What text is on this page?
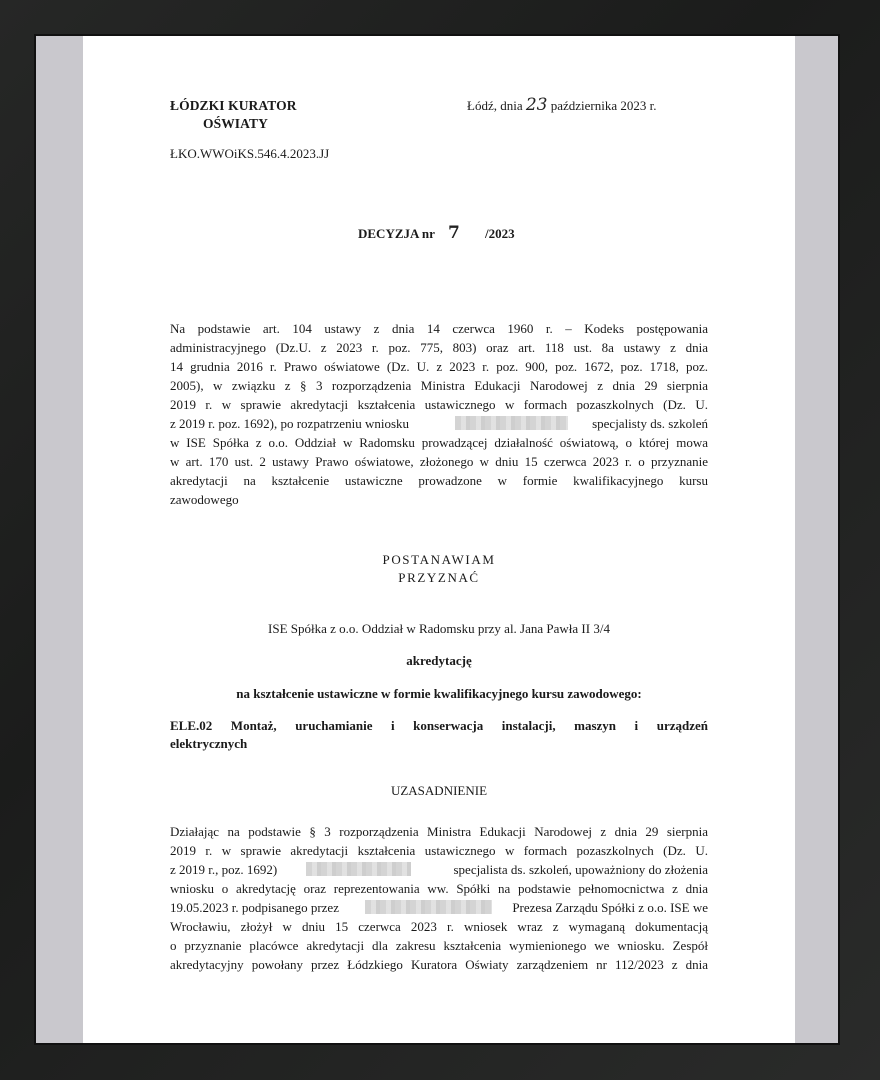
ŁÓDZKI KURATOR
OŚWIATY
ŁKO.WWOiKS.546.4.2023.JJ
Łódź, dnia 23 października 2023 r.
DECYZJA nr 7 /2023
Na podstawie art. 104 ustawy z dnia 14 czerwca 1960 r. – Kodeks postępowania
administracyjnego (Dz.U. z 2023 r. poz. 775, 803) oraz art. 118 ust. 8a ustawy z dnia
14 grudnia 2016 r. Prawo oświatowe (Dz. U. z 2023 r. poz. 900, poz. 1672, poz. 1718, poz.
2005), w związku z § 3 rozporządzenia Ministra Edukacji Narodowej z dnia 29 sierpnia
2019 r. w sprawie akredytacji kształcenia ustawicznego w formach pozaszkolnych (Dz. U.
z 2019 r. poz. 1692), po rozpatrzeniu wniosku	specjalisty ds. szkoleń
w ISE Spółka z o.o. Oddział w Radomsku prowadzącej działalność oświatową, o której mowa
w art. 170 ust. 2 ustawy Prawo oświatowe, złożonego w dniu 15 czerwca 2023 r. o przyznanie
akredytacji na kształcenie ustawiczne prowadzone w formie kwalifikacyjnego kursu
zawodowego
POSTANAWIAM
PRZYZNAĆ
ISE Spółka z o.o. Oddział w Radomsku przy al. Jana Pawła II 3/4
akredytację
na kształcenie ustawiczne w formie kwalifikacyjnego kursu zawodowego:
ELE.02 Montaż, uruchamianie i konserwacja instalacji, maszyn i urządzeń
elektrycznych
UZASADNIENIE
Działając na podstawie § 3 rozporządzenia Ministra Edukacji Narodowej z dnia 29 sierpnia
2019 r. w sprawie akredytacji kształcenia ustawicznego w formach pozaszkolnych (Dz. U.
z 2019 r., poz. 1692)	specjalista ds. szkoleń, upoważniony do złożenia
wniosku o akredytację oraz reprezentowania ww. Spółki na podstawie pełnomocnictwa z dnia
19.05.2023 r. podpisanego przez	Prezesa Zarządu Spółki z o.o. ISE we
Wrocławiu, złożył w dniu 15 czerwca 2023 r. wniosek wraz z wymaganą dokumentacją
o przyznanie placówce akredytacji dla zakresu kształcenia wymienionego we wniosku. Zespół
akredytacyjny powołany przez Łódzkiego Kuratora Oświaty zarządzeniem nr 112/2023 z dnia
